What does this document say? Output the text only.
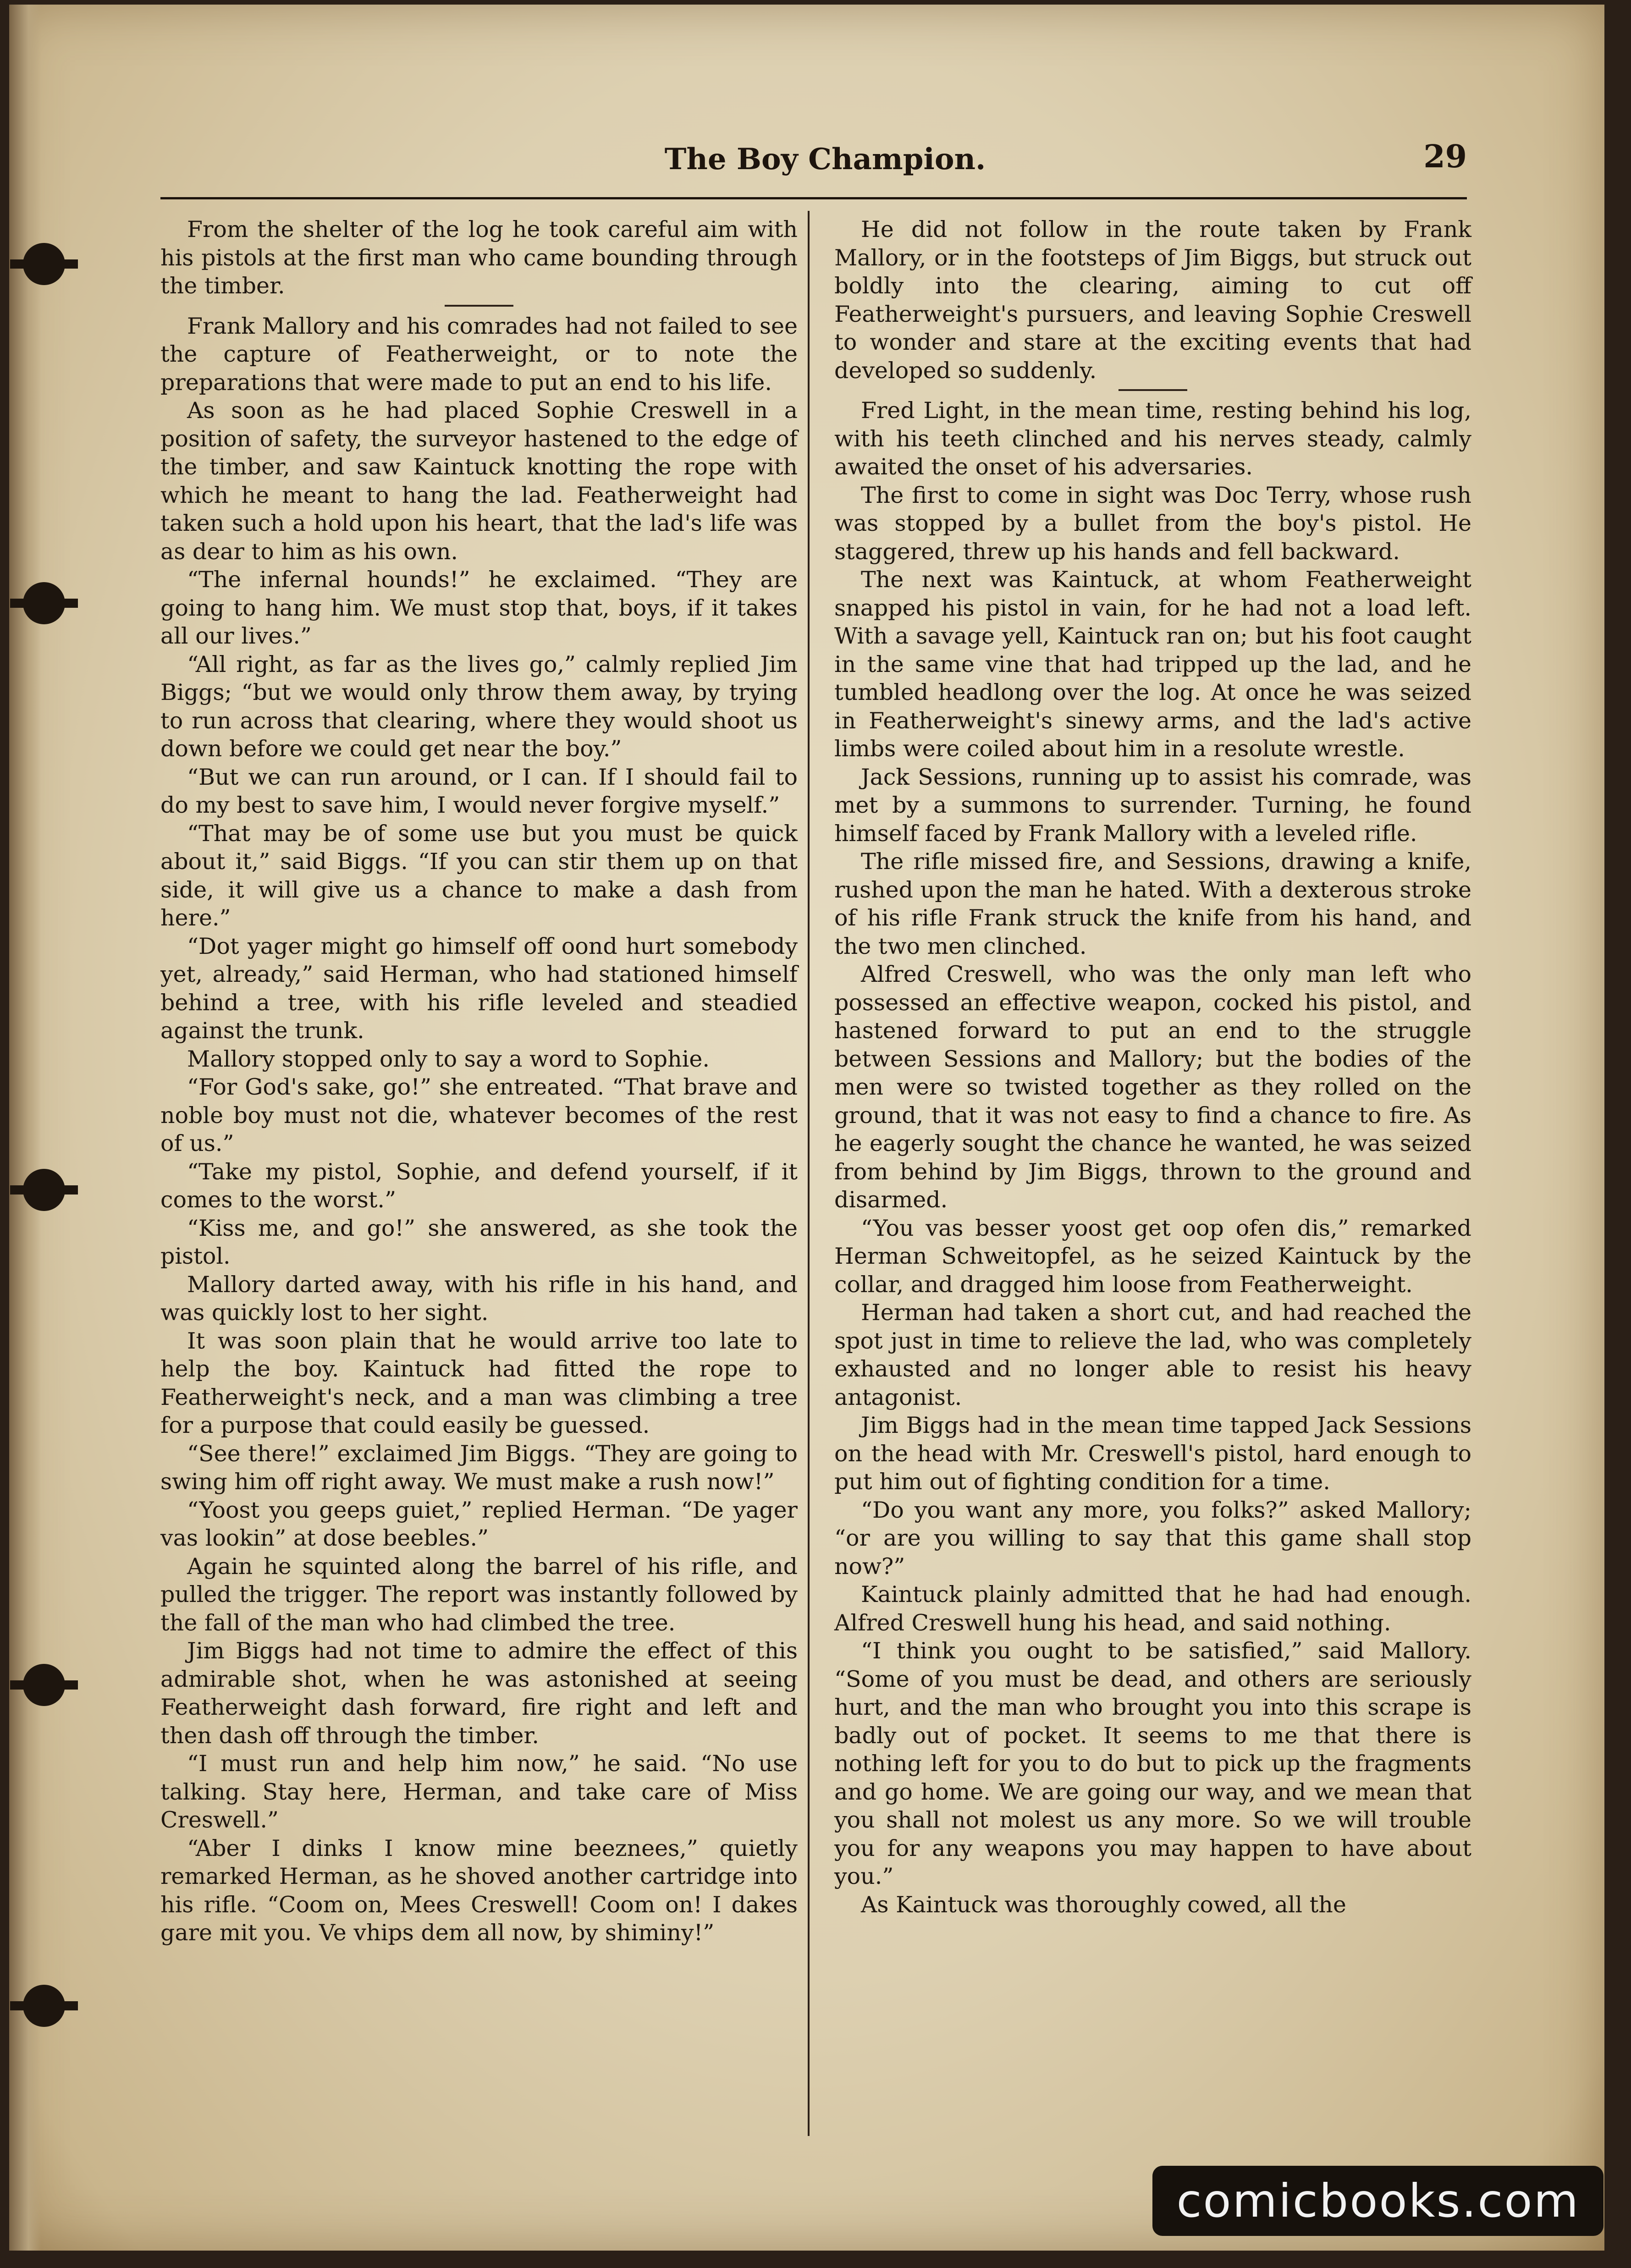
The Boy Champion.	29

From the shelter of the log he took careful aim with his pistols at the first man who came bounding through the timber.

Frank Mallory and his comrades had not failed to see the capture of Featherweight, or to note the preparations that were made to put an end to his life.

As soon as he had placed Sophie Creswell in a position of safety, the surveyor hastened to the edge of the timber, and saw Kaintuck knotting the rope with which he meant to hang the lad. Featherweight had taken such a hold upon his heart, that the lad's life was as dear to him as his own.

“The infernal hounds!” he exclaimed. “They are going to hang him. We must stop that, boys, if it takes all our lives.”

“All right, as far as the lives go,” calmly replied Jim Biggs; “but we would only throw them away, by trying to run across that clearing, where they would shoot us down before we could get near the boy.”

“But we can run around, or I can. If I should fail to do my best to save him, I would never forgive myself.”

“That may be of some use but you must be quick about it,” said Biggs. “If you can stir them up on that side, it will give us a chance to make a dash from here.”

“Dot yager might go himself off oond hurt somebody yet, already,” said Herman, who had stationed himself behind a tree, with his rifle leveled and steadied against the trunk.

Mallory stopped only to say a word to Sophie.

“For God's sake, go!” she entreated. “That brave and noble boy must not die, whatever becomes of the rest of us.”

“Take my pistol, Sophie, and defend yourself, if it comes to the worst.”

“Kiss me, and go!” she answered, as she took the pistol.

Mallory darted away, with his rifle in his hand, and was quickly lost to her sight.

It was soon plain that he would arrive too late to help the boy. Kaintuck had fitted the rope to Featherweight's neck, and a man was climbing a tree for a purpose that could easily be guessed.

“See there!” exclaimed Jim Biggs. “They are going to swing him off right away. We must make a rush now!”

“Yoost you geeps guiet,” replied Herman. “De yager vas lookin” at dose beebles.”

Again he squinted along the barrel of his rifle, and pulled the trigger. The report was instantly followed by the fall of the man who had climbed the tree.

Jim Biggs had not time to admire the effect of this admirable shot, when he was astonished at seeing Featherweight dash forward, fire right and left and then dash off through the timber.

“I must run and help him now,” he said. “No use talking. Stay here, Herman, and take care of Miss Creswell.”

“Aber I dinks I know mine beeznees,” quietly remarked Herman, as he shoved another cartridge into his rifle. “Coom on, Mees Creswell! Coom on! I dakes gare mit you. Ve vhips dem all now, by shiminy!”

He did not follow in the route taken by Frank Mallory, or in the footsteps of Jim Biggs, but struck out boldly into the clearing, aiming to cut off Featherweight's pursuers, and leaving Sophie Creswell to wonder and stare at the exciting events that had developed so suddenly.

Fred Light, in the mean time, resting behind his log, with his teeth clinched and his nerves steady, calmly awaited the onset of his adversaries.

The first to come in sight was Doc Terry, whose rush was stopped by a bullet from the boy's pistol. He staggered, threw up his hands and fell backward.

The next was Kaintuck, at whom Featherweight snapped his pistol in vain, for he had not a load left. With a savage yell, Kaintuck ran on; but his foot caught in the same vine that had tripped up the lad, and he tumbled headlong over the log. At once he was seized in Featherweight's sinewy arms, and the lad's active limbs were coiled about him in a resolute wrestle.

Jack Sessions, running up to assist his comrade, was met by a summons to surrender. Turning, he found himself faced by Frank Mallory with a leveled rifle.

The rifle missed fire, and Sessions, drawing a knife, rushed upon the man he hated. With a dexterous stroke of his rifle Frank struck the knife from his hand, and the two men clinched.

Alfred Creswell, who was the only man left who possessed an effective weapon, cocked his pistol, and hastened forward to put an end to the struggle between Sessions and Mallory; but the bodies of the men were so twisted together as they rolled on the ground, that it was not easy to find a chance to fire. As he eagerly sought the chance he wanted, he was seized from behind by Jim Biggs, thrown to the ground and disarmed.

“You vas besser yoost get oop ofen dis,” remarked Herman Schweitopfel, as he seized Kaintuck by the collar, and dragged him loose from Featherweight.

Herman had taken a short cut, and had reached the spot just in time to relieve the lad, who was completely exhausted and no longer able to resist his heavy antagonist.

Jim Biggs had in the mean time tapped Jack Sessions on the head with Mr. Creswell's pistol, hard enough to put him out of fighting condition for a time.

“Do you want any more, you folks?” asked Mallory; “or are you willing to say that this game shall stop now?”

Kaintuck plainly admitted that he had had enough. Alfred Creswell hung his head, and said nothing.

“I think you ought to be satisfied,” said Mallory. “Some of you must be dead, and others are seriously hurt, and the man who brought you into this scrape is badly out of pocket. It seems to me that there is nothing left for you to do but to pick up the fragments and go home. We are going our way, and we mean that you shall not molest us any more. So we will trouble you for any weapons you may happen to have about you.”

As Kaintuck was thoroughly cowed, all the

comicbooks.com
